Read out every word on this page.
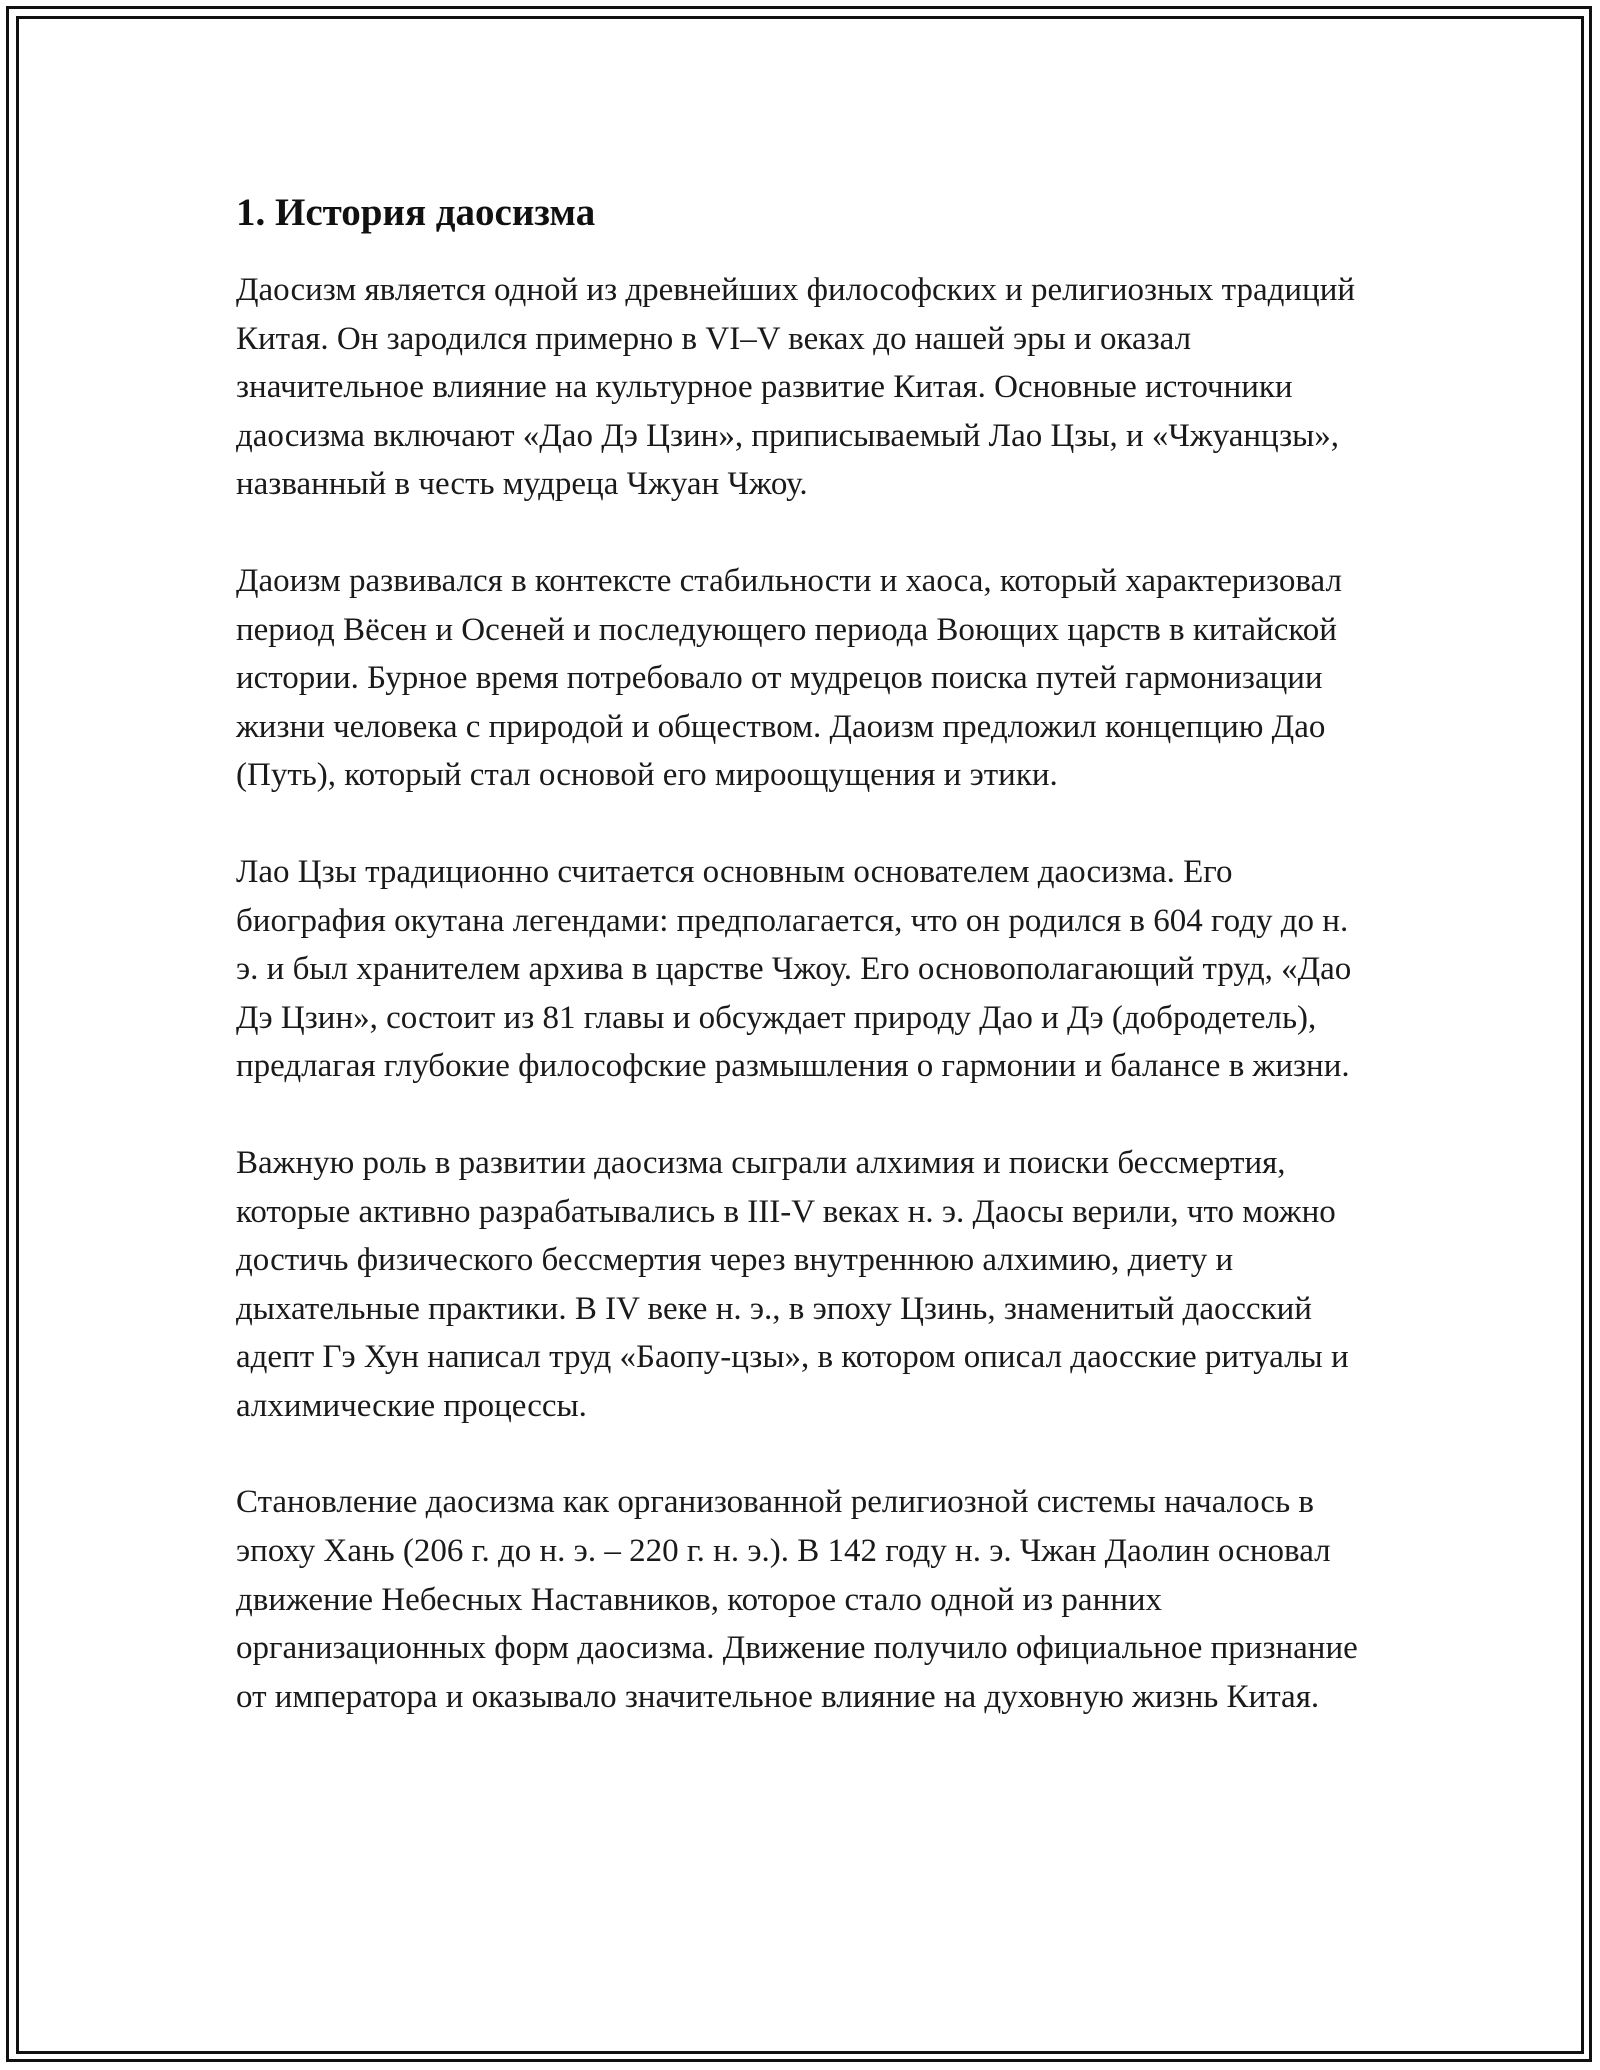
1. История даосизма

Даосизм является одной из древнейших философских и религиозных традиций Китая. Он зародился примерно в VI–V веках до нашей эры и оказал значительное влияние на культурное развитие Китая. Основные источники даосизма включают «Дао Дэ Цзин», приписываемый Лао Цзы, и «Чжуанцзы», названный в честь мудреца Чжуан Чжоу.

Даоизм развивался в контексте стабильности и хаоса, который характеризовал период Вёсен и Осеней и последующего периода Воющих царств в китайской истории. Бурное время потребовало от мудрецов поиска путей гармонизации жизни человека с природой и обществом. Даоизм предложил концепцию Дао (Путь), который стал основой его мироощущения и этики.

Лао Цзы традиционно считается основным основателем даосизма. Его биография окутана легендами: предполагается, что он родился в 604 году до н. э. и был хранителем архива в царстве Чжоу. Его основополагающий труд, «Дао Дэ Цзин», состоит из 81 главы и обсуждает природу Дао и Дэ (добродетель), предлагая глубокие философские размышления о гармонии и балансе в жизни.

Важную роль в развитии даосизма сыграли алхимия и поиски бессмертия, которые активно разрабатывались в III-V веках н. э. Даосы верили, что можно достичь физического бессмертия через внутреннюю алхимию, диету и дыхательные практики. В IV веке н. э., в эпоху Цзинь, знаменитый даосский адепт Гэ Хун написал труд «Баопу-цзы», в котором описал даосские ритуалы и алхимические процессы.

Становление даосизма как организованной религиозной системы началось в эпоху Хань (206 г. до н. э. – 220 г. н. э.). В 142 году н. э. Чжан Даолин основал движение Небесных Наставников, которое стало одной из ранних организационных форм даосизма. Движение получило официальное признание от императора и оказывало значительное влияние на духовную жизнь Китая.
